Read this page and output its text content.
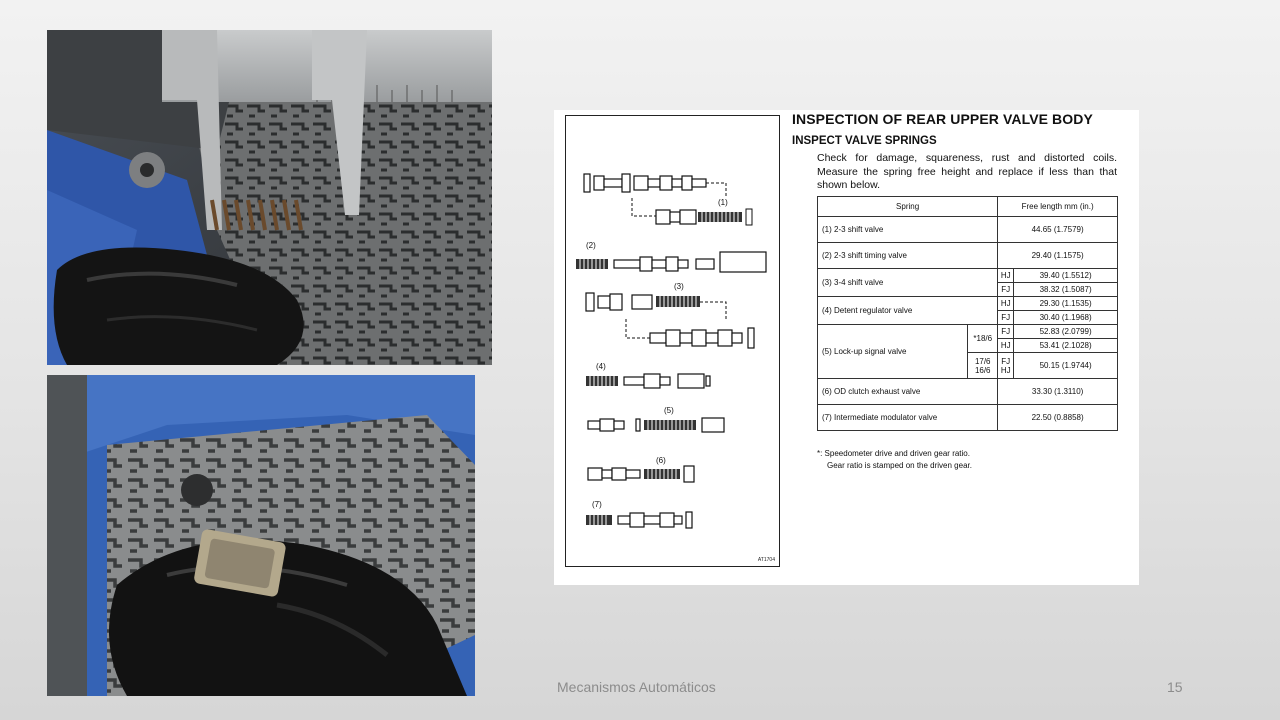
(1)
(2)
(3)
(4)
(5)
(6)
(7)
AT1704
INSPECTION OF REAR UPPER VALVE BODY
INSPECT VALVE SPRINGS
Check for damage, squareness, rust and distorted coils. Measure the spring free height and replace if less than that shown below.
Spring		Free length mm (in.)	
(1) 2-3 shift valve		44.65 (1.7579)	
(2) 2-3 shift timing valve		29.40 (1.1575)	
(3) 3-4 shift valve		HJ	39.40 (1.5512)
		FJ	38.32 (1.5087)
(4) Detent regulator valve		HJ	29.30 (1.1535)
		FJ	30.40 (1.1968)
(5) Lock-up signal valve	*18/6	FJ	52.83 (2.0799)
		HJ	53.41 (2.1028)
	17/6 16/6	FJ HJ	50.15 (1.9744)
(6) OD clutch exhaust valve		33.30 (1.3110)	
(7) Intermediate modulator valve		22.50 (0.8858)	
*: Speedometer drive and driven gear ratio.
Gear ratio is stamped on the driven gear.
Mecanismos Automáticos	15
